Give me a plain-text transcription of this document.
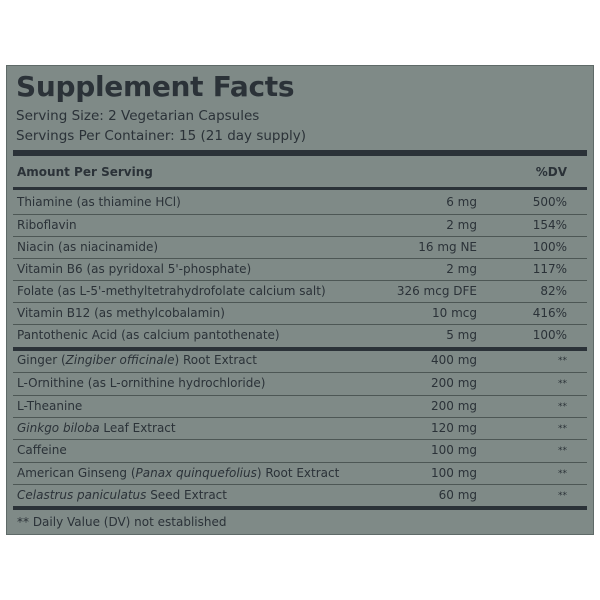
Supplement Facts
Serving Size: 2 Vegetarian Capsules
Servings Per Container: 15 (21 day supply)
Amount Per Serving	%DV
Thiamine (as thiamine HCl)	6 mg	500%
Riboflavin	2 mg	154%
Niacin (as niacinamide)	16 mg NE	100%
Vitamin B6 (as pyridoxal 5'-phosphate)	2 mg	117%
Folate (as L-5'-methyltetrahydrofolate calcium salt)	326 mcg DFE	82%
Vitamin B12 (as methylcobalamin)	10 mcg	416%
Pantothenic Acid (as calcium pantothenate)	5 mg	100%
Ginger (Zingiber officinale) Root Extract	400 mg	**
L-Ornithine (as L-ornithine hydrochloride)	200 mg	**
L-Theanine	200 mg	**
Ginkgo biloba Leaf Extract	120 mg	**
Caffeine	100 mg	**
American Ginseng (Panax quinquefolius) Root Extract	100 mg	**
Celastrus paniculatus Seed Extract	60 mg	**
** Daily Value (DV) not established
